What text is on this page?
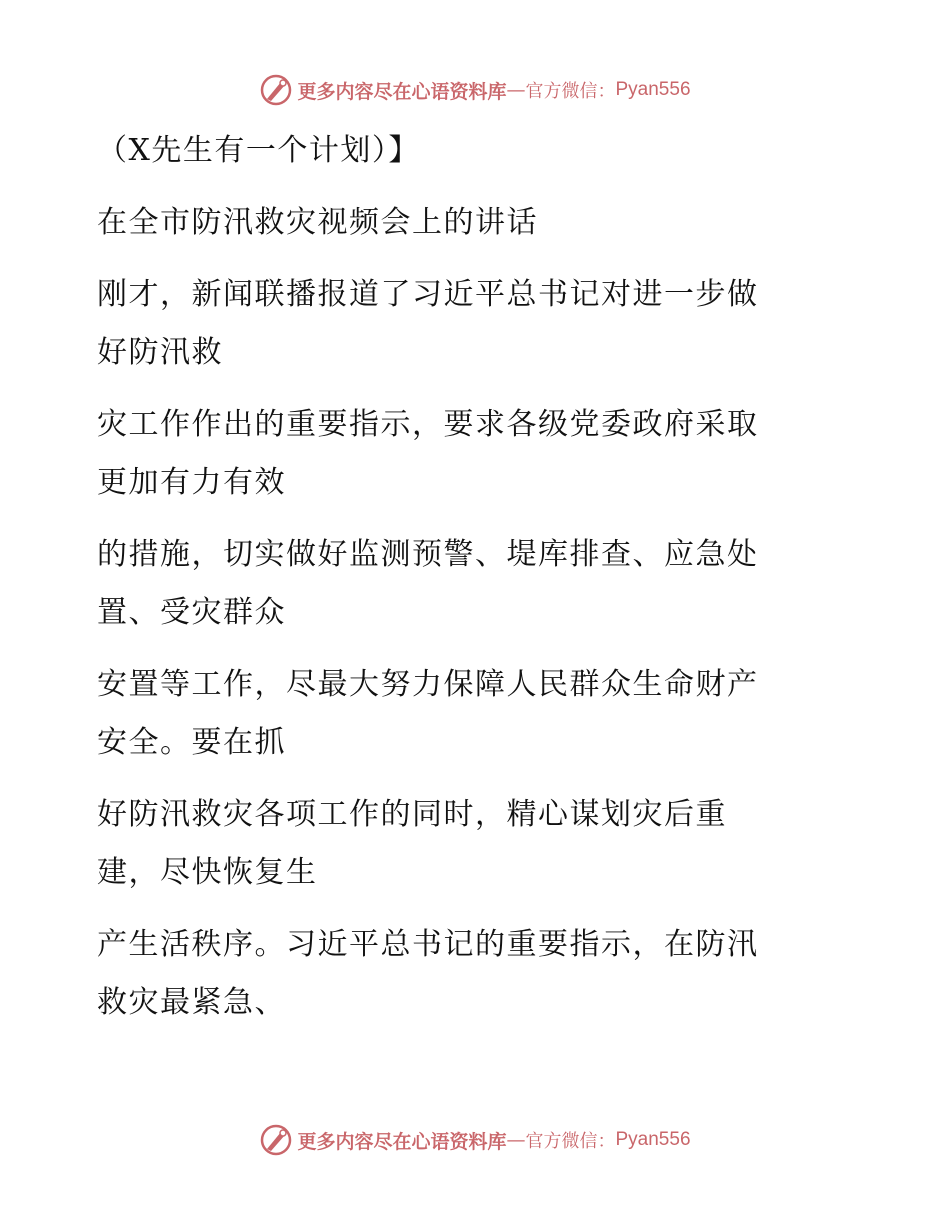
更多内容尽在心语资料库 — 官方微信： Pyan556
（X先生有一个计划）】
在全市防汛救灾视频会上的讲话
刚才，新闻联播报道了习近平总书记对进一步做
好防汛救
灾工作作出的重要指示，要求各级党委政府采取
更加有力有效
的措施，切实做好监测预警、堤库排查、应急处
置、受灾群众
安置等工作，尽最大努力保障人民群众生命财产
安全。要在抓
好防汛救灾各项工作的同时，精心谋划灾后重
建，尽快恢复生
产生活秩序。习近平总书记的重要指示，在防汛
救灾最紧急、
更多内容尽在心语资料库 — 官方微信： Pyan556
